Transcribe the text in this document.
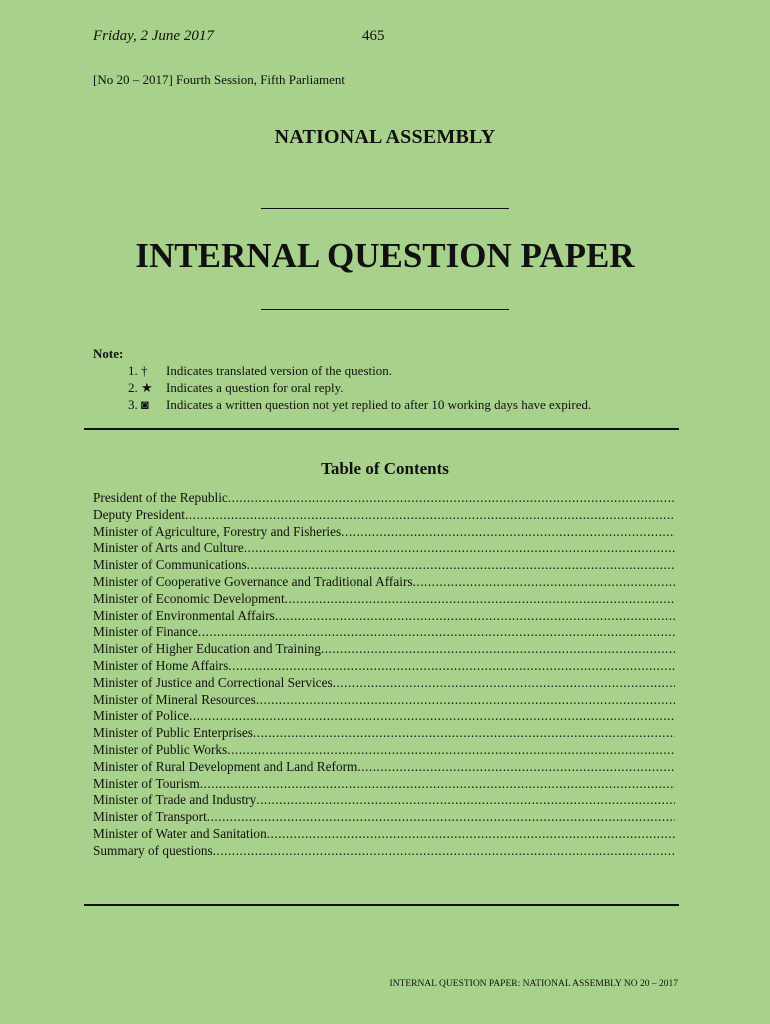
Friday, 2 June 2017	465
[No 20 – 2017] Fourth Session, Fifth Parliament
NATIONAL ASSEMBLY
INTERNAL QUESTION PAPER
Note:
1. † Indicates translated version of the question.
2. ★ Indicates a question for oral reply.
3. ◙ Indicates a written question not yet replied to after 10 working days have expired.
Table of Contents
President of the Republic
.....
Deputy President
.....
Minister of Agriculture, Forestry and Fisheries
.....
Minister of Arts and Culture
.....
Minister of Communications
.....
Minister of Cooperative Governance and Traditional Affairs
.....
Minister of Economic Development
.....
Minister of Environmental Affairs
.....
Minister of Finance
.....
Minister of Higher Education and Training
.....
Minister of Home Affairs
.....
Minister of Justice and Correctional Services
.....
Minister of Mineral Resources
.....
Minister of Police
.....
Minister of Public Enterprises
.....
Minister of Public Works
.....
Minister of Rural Development and Land Reform
.....
Minister of Tourism
.....
Minister of Trade and Industry
.....
Minister of Transport
.....
Minister of Water and Sanitation
.....
Summary of questions
.....
INTERNAL QUESTION PAPER: NATIONAL ASSEMBLY NO 20 – 2017
